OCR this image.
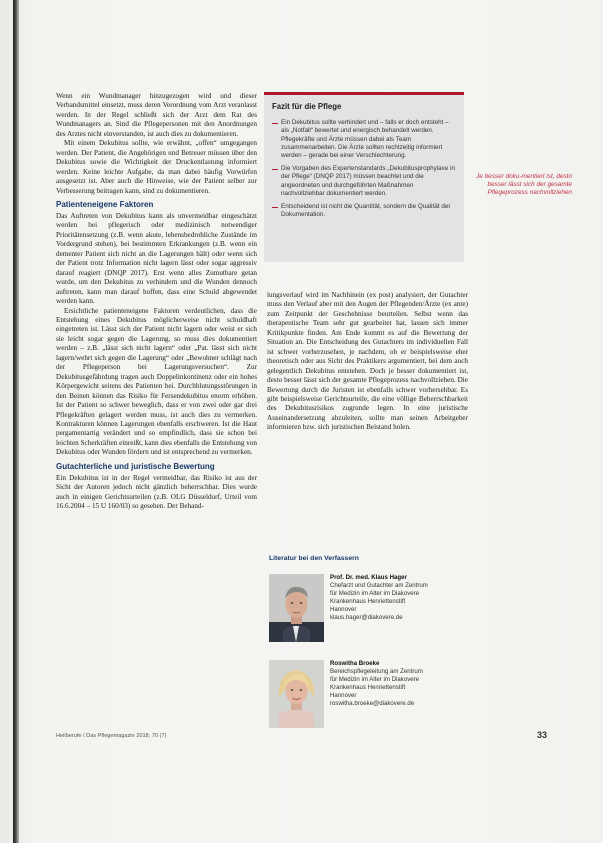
Wenn ein Wundmanager hinzugezogen wird und dieser Verbandsmittel einsetzt, muss deren Verordnung vom Arzt veranlasst werden. In der Regel schließt sich der Arzt dem Rat des Wundmanagers an. Sind die Pflegepersonen mit den Anordnungen des Arztes nicht einverstanden, ist auch dies zu dokumentieren.

Mit einem Dekubitus sollte, wie erwähnt, „offen“ umgegangen werden. Der Patient, die Angehörigen und Betreuer müssen über den Dekubitus sowie die Wichtigkeit der Druckentlastung informiert werden. Keine leichte Aufgabe, da man dabei häufig Vorwürfen ausgesetzt ist. Aber auch die Hinweise, wie der Patient selber zur Verbesserung beitragen kann, sind zu dokumentieren.

Patienteneigene Faktoren

Das Auftreten von Dekubitus kann als unvermeidbar eingeschätzt werden bei pflegerisch oder medizinisch notwendiger Prioritätensetzung (z.B. wenn akute, lebensbedrohliche Zustände im Vordergrund stehen), bei bestimmten Erkrankungen (z.B. wenn ein dementer Patient sich nicht an die Lagerungen hält) oder wenn sich der Patient trotz Information nicht lagern lässt oder sogar aggressiv darauf reagiert (DNQP 2017). Erst wenn alles Zumutbare getan wurde, um den Dekubitus zu verhindern und die Wunden dennoch auftreten, kann man darauf hoffen, dass eine Schuld abgewendet werden kann.

Ersichtliche patienteneigene Faktoren verdeutlichen, dass die Entstehung eines Dekubitus möglicherweise nicht schuldhaft eingetreten ist. Lässt sich der Patient nicht lagern oder weist er sich sie leicht sogar gegen die Lagerung, so muss dies dokumentiert werden – z.B. „lässt sich nicht lagern“ oder „Pat. lässt sich nicht lagern/wehrt sich gegen die Lagerung“ oder „Bewohner schlägt nach der Pflegeperson bei Lagerungsversuchen“. Zur Dekubitusgefährdung tragen auch Doppelinkontinenz oder ein hohes Körpergewicht seitens des Patienten bei. Durchblutungsstörungen in den Beinen können das Risiko für Fersendekubitus enorm erhöhen. Ist der Patient so schwer beweglich, dass er von zwei oder gar drei Pflegekräften gelagert werden muss, ist auch dies zu vermerken. Kontrakturen können Lagerungen ebenfalls erschweren. Ist die Haut pergamentartig verändert und so empfindlich, dass sie schon bei leichten Scherkräften einreißt, kann dies ebenfalls die Entstehung von Dekubitus oder Wunden fördern und ist entsprechend zu vermerken.

Gutachterliche und juristische Bewertung

Ein Dekubitus ist in der Regel vermeidbar, das Risiko ist aus der Sicht der Autoren jedoch nicht gänzlich beherrschbar. Dies wurde auch in einigen Gerichtsurteilen (z.B. OLG Düsseldorf, Urteil vom 16.6.2004 – 15 U 160/03) so gesehen. Der Behand-

Fazit für die Pflege
Ein Dekubitus sollte verhindert und – falls er doch entsteht – als „Notfall“ bewertet und energisch behandelt werden. Pflegekräfte und Ärzte müssen dabei als Team zusammenarbeiten. Die Ärzte sollten rechtzeitig informiert werden – gerade bei einer Verschlechterung.
Die Vorgaben des Expertenstandards „Dekubitusprophylaxe in der Pflege“ (DNQP 2017) müssen beachtet und die angeordneten und durchgeführten Maßnahmen nachvollziehbar dokumentiert werden.
Entscheidend ist nicht die Quantität, sondern die Qualität der Dokumentation.
Je besser doku-mentiert ist, desto besser lässt sich der gesamte Pflegeprozess nachvollziehen

lungsverlauf wird im Nachhinein (ex post) analysiert, der Gutachter muss den Verlauf aber mit den Augen der Pflegenden/Ärzte (ex ante) zum Zeitpunkt der Geschehnisse beurteilen. Selbst wenn das therapeutische Team sehr gut gearbeitet hat, lassen sich immer Kritikpunkte finden. Am Ende kommt es auf die Bewertung der Situation an. Die Entscheidung des Gutachters im individuellen Fall ist schwer vorherzusehen, je nachdem, ob er beispielsweise eher theoretisch oder aus Sicht des Praktikers argumentiert, bei dem auch gelegentlich Dekubitus entstehen. Doch je besser dokumentiert ist, desto besser lässt sich der gesamte Pflegeprozess nachvollziehen. Die Bewertung durch die Juristen ist ebenfalls schwer vorhersehbar. Es gibt beispielsweise Gerichtsurteile, die eine völlige Beherrschbarkeit des Dekubitusrisikos zugrunde legen. In eine juristische Auseinandersetzung abzuleiten, sollte man seinen Arbeitgeber informieren bzw. sich juristischen Beistand holen.

Literatur bei den Verfassern
Prof. Dr. med. Klaus Hager
Chefarzt und Gutachter am Zentrum
für Medizin im Alter im Diakovere
Krankenhaus Henriettenstift
Hannover
klaus.hager@diakovere.de
Roswitha Broeke
Bereichspflegeleitung am Zentrum
für Medizin im Alter im Diakovere
Krankenhaus Henriettenstift
Hannover
roswitha.broeke@diakovere.de
Heilberufe / Das Pflegemagazin 2018; 70 (7)	33
